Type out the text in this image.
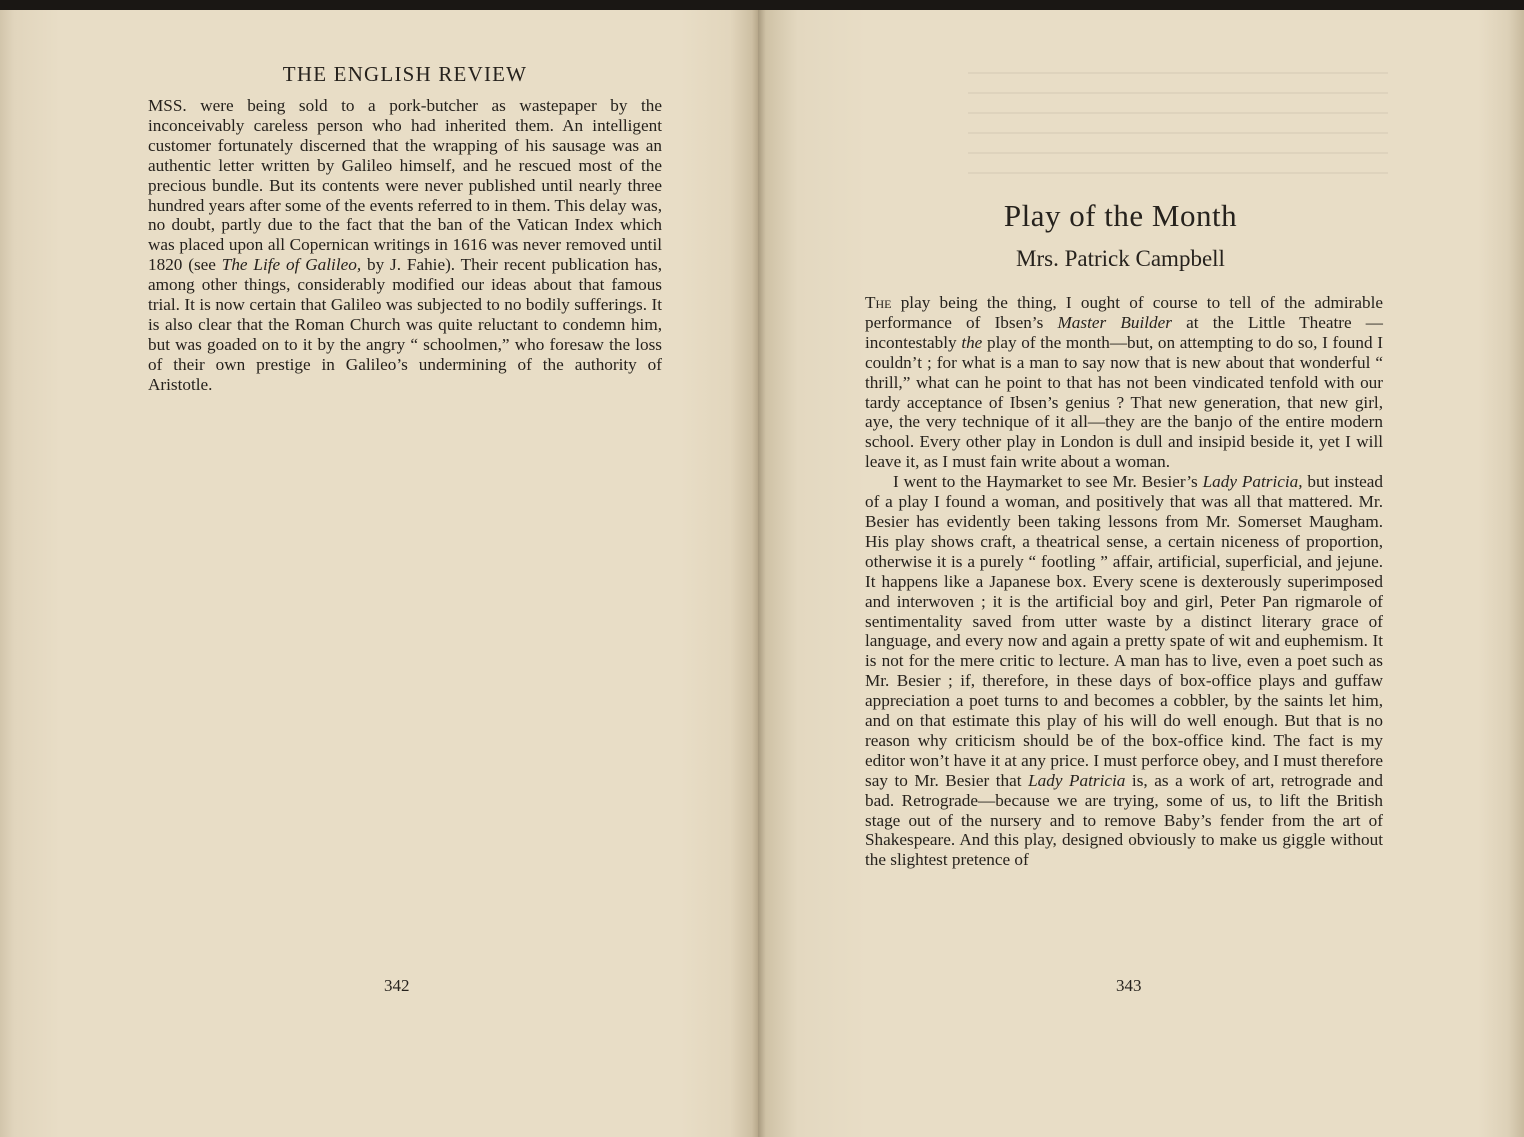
THE ENGLISH REVIEW

MSS. were being sold to a pork-butcher as wastepaper by the inconceivably careless person who had inherited them. An intelligent customer fortunately discerned that the wrapping of his sausage was an authentic letter written by Galileo himself, and he rescued most of the precious bundle. But its contents were never published until nearly three hundred years after some of the events referred to in them. This delay was, no doubt, partly due to the fact that the ban of the Vatican Index which was placed upon all Copernican writings in 1616 was never removed until 1820 (see The Life of Galileo, by J. Fahie). Their recent publication has, among other things, considerably modified our ideas about that famous trial. It is now certain that Galileo was subjected to no bodily sufferings. It is also clear that the Roman Church was quite reluctant to condemn him, but was goaded on to it by the angry “ schoolmen,” who foresaw the loss of their own prestige in Galileo’s undermining of the authority of Aristotle.

342
Play of the Month
Mrs. Patrick Campbell

The play being the thing, I ought of course to tell of the admirable performance of Ibsen’s Master Builder at the Little Theatre —incontestably the play of the month—but, on attempting to do so, I found I couldn’t ; for what is a man to say now that is new about that wonderful “ thrill,” what can he point to that has not been vindicated tenfold with our tardy acceptance of Ibsen’s genius ? That new generation, that new girl, aye, the very technique of it all—they are the banjo of the entire modern school. Every other play in London is dull and insipid beside it, yet I will leave it, as I must fain write about a woman.

I went to the Haymarket to see Mr. Besier’s Lady Patricia, but instead of a play I found a woman, and positively that was all that mattered. Mr. Besier has evidently been taking lessons from Mr. Somerset Maugham. His play shows craft, a theatrical sense, a certain niceness of proportion, otherwise it is a purely “ footling ” affair, artificial, superficial, and jejune. It happens like a Japanese box. Every scene is dexterously superimposed and interwoven ; it is the artificial boy and girl, Peter Pan rigmarole of sentimentality saved from utter waste by a distinct literary grace of language, and every now and again a pretty spate of wit and euphemism. It is not for the mere critic to lecture. A man has to live, even a poet such as Mr. Besier ; if, therefore, in these days of box-office plays and guffaw appreciation a poet turns to and becomes a cobbler, by the saints let him, and on that estimate this play of his will do well enough. But that is no reason why criticism should be of the box-office kind. The fact is my editor won’t have it at any price. I must perforce obey, and I must therefore say to Mr. Besier that Lady Patricia is, as a work of art, retrograde and bad. Retrograde—because we are trying, some of us, to lift the British stage out of the nursery and to remove Baby’s fender from the art of Shakespeare. And this play, designed obviously to make us giggle without the slightest pretence of

343
